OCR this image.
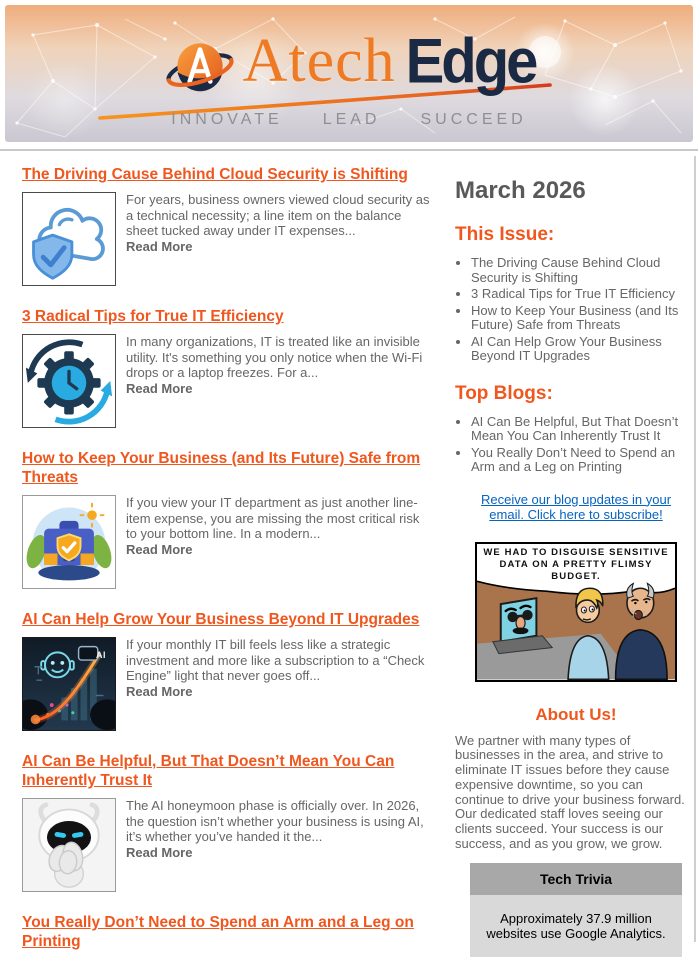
Atech Edge
INNOVATE	LEAD	SUCCEED
The Driving Cause Behind Cloud Security is Shifting
For years, business owners viewed cloud security as a technical necessity; a line item on the balance sheet tucked away under IT expenses...
Read More
3 Radical Tips for True IT Efficiency
In many organizations, IT is treated like an invisible utility. It's something you only notice when the Wi-Fi drops or a laptop freezes. For a...
Read More
How to Keep Your Business (and Its Future) Safe from Threats
If you view your IT department as just another line-item expense, you are missing the most critical risk to your bottom line. In a modern...
Read More
AI Can Help Grow Your Business Beyond IT Upgrades
AI
If your monthly IT bill feels less like a strategic investment and more like a subscription to a “Check Engine” light that never goes off...
Read More
AI Can Be Helpful, But That Doesn’t Mean You Can Inherently Trust It
The AI honeymoon phase is officially over. In 2026, the question isn’t whether your business is using AI, it’s whether you’ve handed it the...
Read More
You Really Don’t Need to Spend an Arm and a Leg on Printing
March 2026
This Issue:
• The Driving Cause Behind Cloud Security is Shifting
• 3 Radical Tips for True IT Efficiency
• How to Keep Your Business (and Its Future) Safe from Threats
• AI Can Help Grow Your Business Beyond IT Upgrades
Top Blogs:
• AI Can Be Helpful, But That Doesn’t Mean You Can Inherently Trust It
• You Really Don’t Need to Spend an Arm and a Leg on Printing
Receive our blog updates in your email. Click here to subscribe!
WE HAD TO DISGUISE SENSITIVE DATA ON A PRETTY FLIMSY BUDGET.
About Us!
We partner with many types of businesses in the area, and strive to eliminate IT issues before they cause expensive downtime, so you can continue to drive your business forward. Our dedicated staff loves seeing our clients succeed. Your success is our success, and as you grow, we grow.
Tech Trivia
Approximately 37.9 million websites use Google Analytics.
